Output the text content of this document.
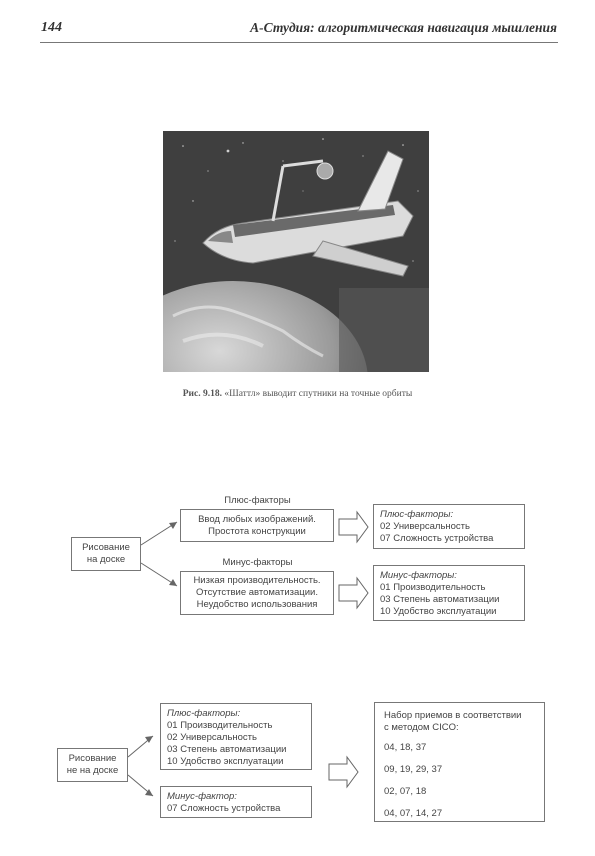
144	А-Студия: алгоритмическая навигация мышления
Рис. 9.18. «Шаттл» выводит спутники на точные орбиты
Рисование
на доске
Плюс-факторы
Ввод любых изображений.
Простота конструкции
Минус-факторы
Низкая производительность.
Отсутствие автоматизации.
Неудобство использования
Плюс-факторы:
02 Универсальность
07 Сложность устройства
Минус-факторы:
01 Производительность
03 Степень автоматизации
10 Удобство эксплуатации
Рисование
не на доске
Плюс-факторы:
01 Производительность
02 Универсальность
03 Степень автоматизации
10 Удобство эксплуатации
Минус-фактор:
07 Сложность устройства
Набор приемов в соответствии
с методом CICO:
04, 18, 37
09, 19, 29, 37
02, 07, 18
04, 07, 14, 27
